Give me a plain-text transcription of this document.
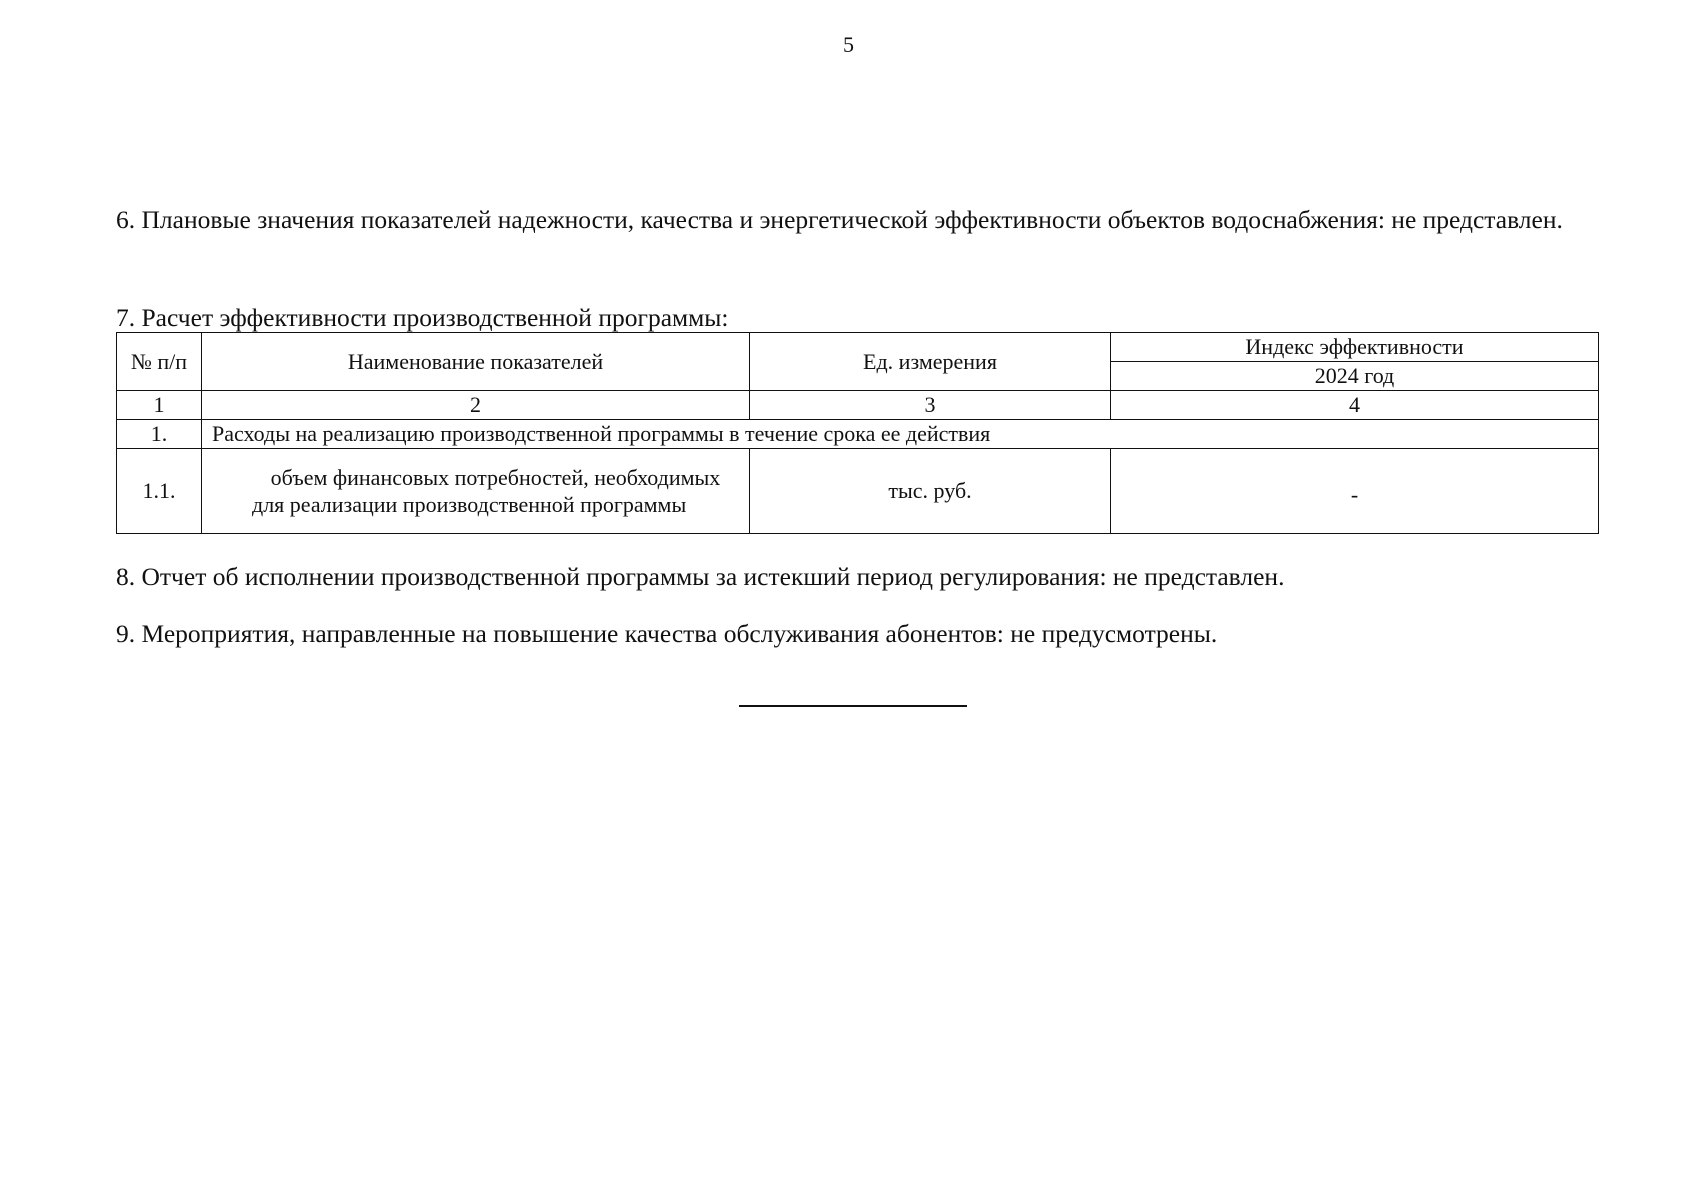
5
6. Плановые значения показателей надежности, качества и энергетической эффективности объектов водоснабжения: не представлен.
7. Расчет эффективности производственной программы:
№ п/п	Наименование показателей	Ед. измерения	Индекс эффективности
			2024 год
1	2	3	4
1.	Расходы на реализацию производственной программы в течение срока ее действия		
1.1.	объем финансовых потребностей, необходимых для реализации производственной программы	тыс. руб.	-
8. Отчет об исполнении производственной программы за истекший период регулирования: не представлен.
9. Мероприятия, направленные на повышение качества обслуживания абонентов: не предусмотрены.
